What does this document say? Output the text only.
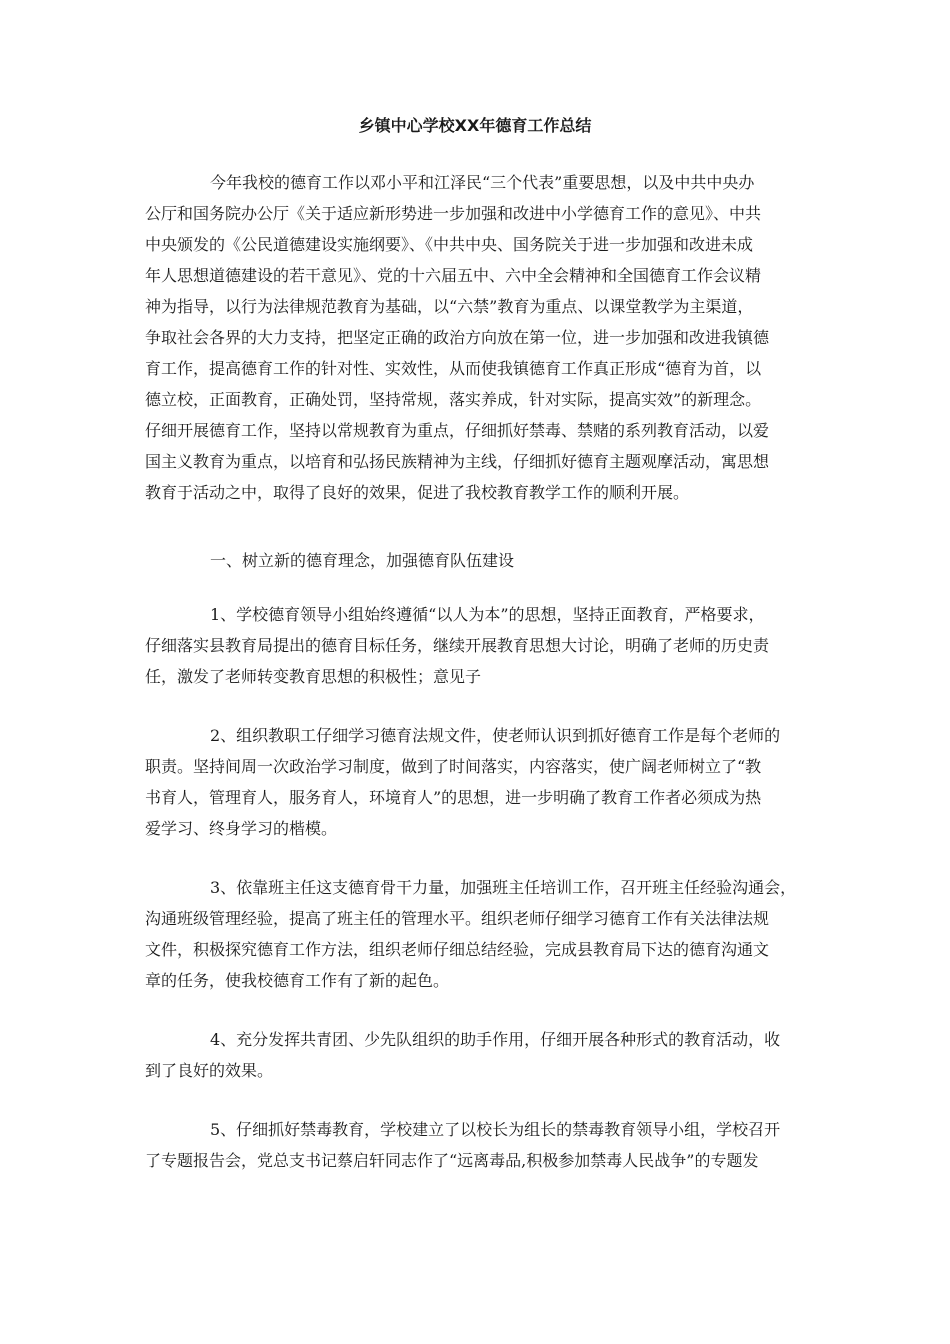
乡镇中心学校XX年德育工作总结
今年我校的德育工作以邓小平和江泽民“三个代表”重要思想，以及中共中央办
公厅和国务院办公厅《关于适应新形势进一步加强和改进中小学德育工作的意见》、中共
中央颁发的《公民道德建设实施纲要》、《中共中央、国务院关于进一步加强和改进未成
年人思想道德建设的若干意见》、党的十六届五中、六中全会精神和全国德育工作会议精
神为指导，以行为法律规范教育为基础，以“六禁”教育为重点、以课堂教学为主渠道，
争取社会各界的大力支持，把坚定正确的政治方向放在第一位，进一步加强和改进我镇德
育工作，提高德育工作的针对性、实效性，从而使我镇德育工作真正形成“德育为首，以
德立校，正面教育，正确处罚，坚持常规，落实养成，针对实际，提高实效”的新理念。
仔细开展德育工作，坚持以常规教育为重点，仔细抓好禁毒、禁赌的系列教育活动，以爱
国主义教育为重点，以培育和弘扬民族精神为主线，仔细抓好德育主题观摩活动，寓思想
教育于活动之中，取得了良好的效果，促进了我校教育教学工作的顺利开展。
一、树立新的德育理念，加强德育队伍建设
1、学校德育领导小组始终遵循“以人为本”的思想，坚持正面教育，严格要求，
仔细落实县教育局提出的德育目标任务，继续开展教育思想大讨论，明确了老师的历史责
任，激发了老师转变教育思想的积极性；意见子
2、组织教职工仔细学习德育法规文件，使老师认识到抓好德育工作是每个老师的
职责。坚持间周一次政治学习制度，做到了时间落实，内容落实，使广阔老师树立了“教
书育人，管理育人，服务育人，环境育人”的思想，进一步明确了教育工作者必须成为热
爱学习、终身学习的楷模。
3、依靠班主任这支德育骨干力量，加强班主任培训工作，召开班主任经验沟通会，
沟通班级管理经验，提高了班主任的管理水平。组织老师仔细学习德育工作有关法律法规
文件，积极探究德育工作方法，组织老师仔细总结经验，完成县教育局下达的德育沟通文
章的任务，使我校德育工作有了新的起色。
4、充分发挥共青团、少先队组织的助手作用，仔细开展各种形式的教育活动，收
到了良好的效果。
5、仔细抓好禁毒教育，学校建立了以校长为组长的禁毒教育领导小组，学校召开
了专题报告会，党总支书记蔡启轩同志作了“远离毒品,积极参加禁毒人民战争”的专题发
